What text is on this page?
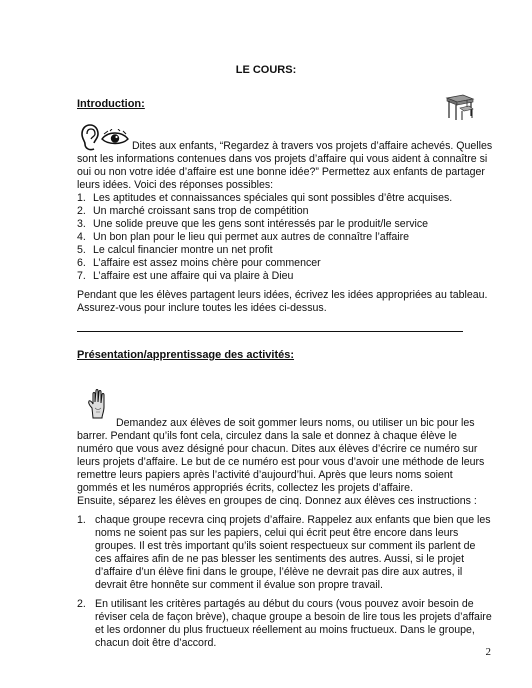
LE COURS:
Introduction:
Dites aux enfants, “Regardez à travers vos projets d’affaire achevés. Quelles
sont les informations contenues dans vos projets d’affaire qui vous aident à connaître si
oui ou non votre idée d’affaire est une bonne idée?” Permettez aux enfants de partager
leurs idées. Voici des réponses possibles:
1. Les aptitudes et connaissances spéciales qui sont possibles d’être acquises.
2. Un marché croissant sans trop de compétition
3. Une solide preuve que les gens sont intéressés par le produit/le service
4. Un bon plan pour le lieu qui permet aux autres de connaître l’affaire
5. Le calcul financier montre un net profit
6. L’affaire est assez moins chère pour commencer
7. L’affaire est une affaire qui va plaire à Dieu
Pendant que les élèves partagent leurs idées, écrivez les idées appropriées au tableau.
Assurez-vous pour inclure toutes les idées ci-dessus.
Présentation/apprentissage des activités:
Demandez aux élèves de soit gommer leurs noms, ou utiliser un bic pour les
barrer. Pendant qu’ils font cela, circulez dans la sale et donnez à chaque élève le
numéro que vous avez désigné pour chacun. Dites aux élèves d’écrire ce numéro sur
leurs projets d’affaire. Le but de ce numéro est pour vous d’avoir une méthode de leurs
remettre leurs papiers après l’activité d’aujourd’hui. Après que leurs noms soient
gommés et les numéros appropriés écrits, collectez les projets d’affaire.
Ensuite, séparez les élèves en groupes de cinq. Donnez aux élèves ces instructions :
1. chaque groupe recevra cinq projets d’affaire. Rappelez aux enfants que bien que les
noms ne soient pas sur les papiers, celui qui écrit peut être encore dans leurs
groupes. Il est très important qu’ils soient respectueux sur comment ils parlent de
ces affaires afin de ne pas blesser les sentiments des autres. Aussi, si le projet
d’affaire d’un élève fini dans le groupe, l’élève ne devrait pas dire aux autres, il
devrait être honnête sur comment il évalue son propre travail.
2. En utilisant les critères partagés au début du cours (vous pouvez avoir besoin de
réviser cela de façon brève), chaque groupe a besoin de lire tous les projets d’affaire
et les ordonner du plus fructueux réellement au moins fructueux. Dans le groupe,
chacun doit être d’accord.
2
